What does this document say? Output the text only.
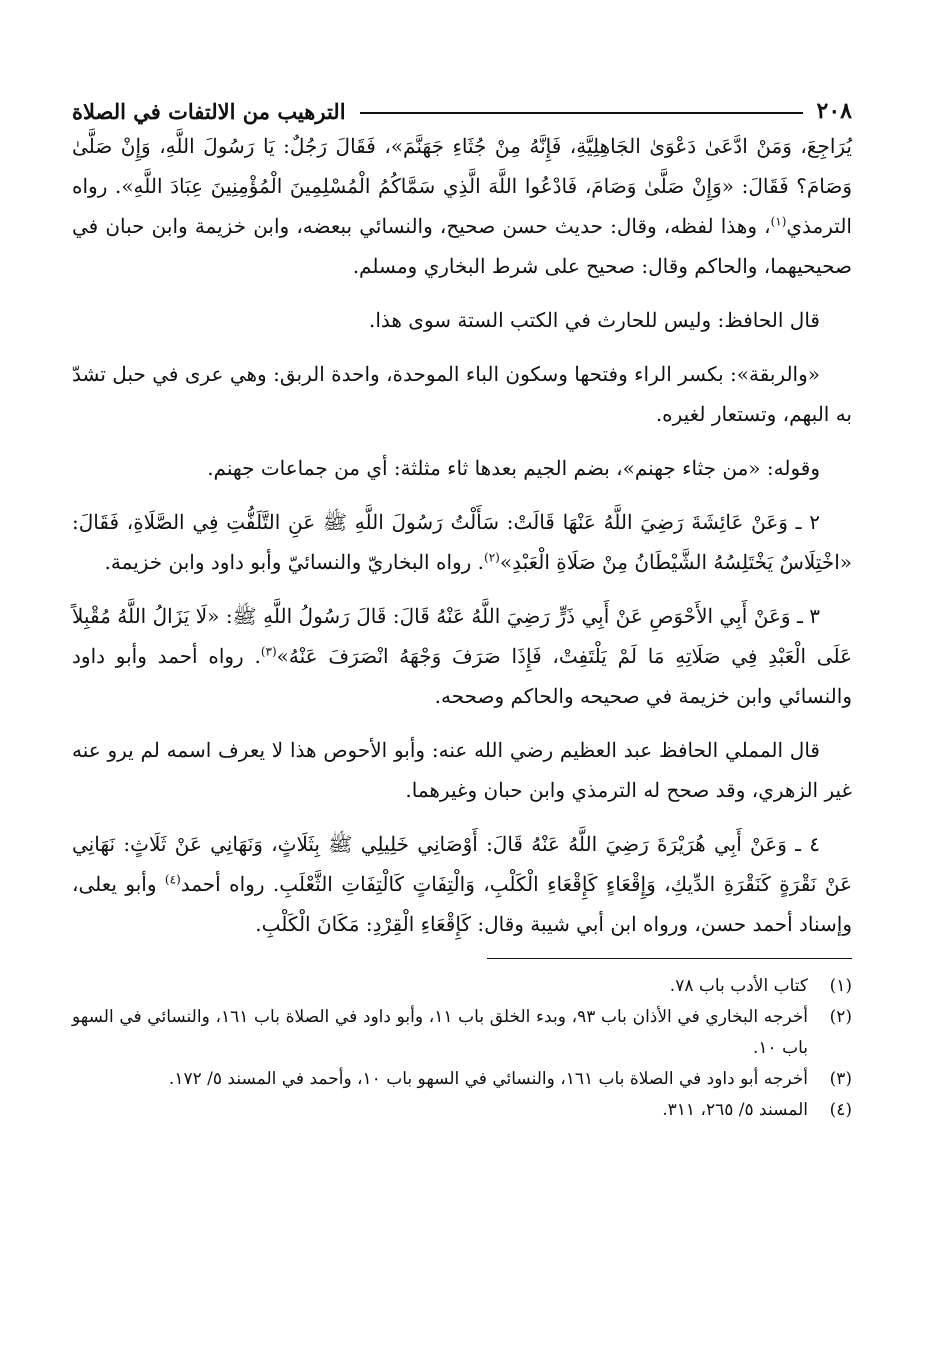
٢٠٨
الترهيب من الالتفات في الصلاة

يُرَاجِعَ، وَمَنْ ادَّعَىٰ دَعْوَىٰ الجَاهِلِيَّةِ، فَإِنَّهُ مِنْ جُثَاءِ جَهَنَّمَ»، فَقَالَ رَجُلٌ: يَا رَسُولَ اللَّهِ، وَإِنْ صَلَّىٰ وَصَامَ؟ فَقَالَ: «وَإِنْ صَلَّىٰ وَصَامَ، فَادْعُوا اللَّهَ الَّذِي سَمَّاكُمُ الْمُسْلِمِينَ الْمُؤْمِنِينَ عِبَادَ اللَّهِ». رواه الترمذي$^{(١)}$، وهذا لفظه، وقال: حديث حسن صحيح، والنسائي ببعضه، وابن خزيمة وابن حبان في صحيحيهما، والحاكم وقال: صحيح على شرط البخاري ومسلم.

قال الحافظ: وليس للحارث في الكتب الستة سوى هذا.

«والربقة»: بكسر الراء وفتحها وسكون الباء الموحدة، واحدة الربق: وهي عرى في حبل تشدّ به البهم، وتستعار لغيره.

وقوله: «من جثاء جهنم»، بضم الجيم بعدها ثاء مثلثة: أي من جماعات جهنم.

٢ ـ وَعَنْ عَائِشَةَ رَضِيَ اللَّهُ عَنْهَا قَالَتْ: سَأَلْتُ رَسُولَ اللَّهِ ﷺ عَنِ التَّلَفُّتِ فِي الصَّلَاةِ، فَقَالَ: «اخْتِلَاسٌ يَخْتَلِسُهُ الشَّيْطَانُ مِنْ صَلَاةِ الْعَبْدِ»$^{(٢)}$. رواه البخاريّ والنسائيّ وأبو داود وابن خزيمة.

٣ ـ وَعَنْ أَبِي الأَحْوَصِ عَنْ أَبِي ذَرٍّ رَضِيَ اللَّهُ عَنْهُ قَالَ: قَالَ رَسُولُ اللَّهِ ﷺ: «لَا يَزَالُ اللَّهُ مُقْبِلاً عَلَى الْعَبْدِ فِي صَلَاتِهِ مَا لَمْ يَلْتَفِتْ، فَإِذَا صَرَفَ وَجْهَهُ انْصَرَفَ عَنْهُ»$^{(٣)}$. رواه أحمد وأبو داود والنسائي وابن خزيمة في صحيحه والحاكم وصححه.

قال المملي الحافظ عبد العظيم رضي الله عنه: وأبو الأحوص هذا لا يعرف اسمه لم يرو عنه غير الزهري، وقد صحح له الترمذي وابن حبان وغيرهما.

٤ ـ وَعَنْ أَبِي هُرَيْرَةَ رَضِيَ اللَّهُ عَنْهُ قَالَ: أَوْصَانِي خَلِيلِي ﷺ بِثَلَاثٍ، وَنَهَانِي عَنْ ثَلَاثٍ: نَهَانِي عَنْ نَقْرَةٍ كَنَقْرَةِ الدِّيكِ، وَإِقْعَاءٍ كَإِقْعَاءِ الْكَلْبِ، وَالْتِفَاتٍ كَالْتِفَاتِ الثَّعْلَبِ. رواه أحمد$^{(٤)}$ وأبو يعلى، وإسناد أحمد حسن، ورواه ابن أبي شيبة وقال: كَإِقْعَاءِ الْقِرْدِ: مَكَانَ الْكَلْبِ.

(١)
كتاب الأدب باب ٧٨.
(٢)
أخرجه البخاري في الأذان باب ٩٣، وبدء الخلق باب ١١، وأبو داود في الصلاة باب ١٦١، والنسائي في السهو باب ١٠.
(٣)
أخرجه أبو داود في الصلاة باب ١٦١، والنسائي في السهو باب ١٠، وأحمد في المسند ٥/ ١٧٢.
(٤)
المسند ٥/ ٢٦٥، ٣١١.
